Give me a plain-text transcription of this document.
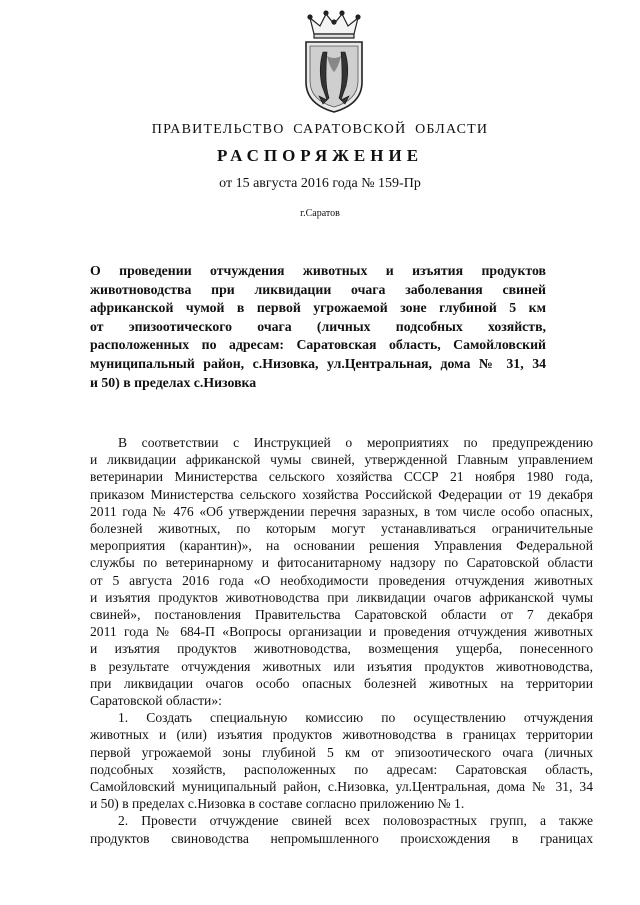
ПРАВИТЕЛЬСТВО САРАТОВСКОЙ ОБЛАСТИ
РАСПОРЯЖЕНИЕ
от 15 августа 2016 года № 159-Пр
г.Саратов
О проведении отчуждения животных и изъятия продуктов
животноводства при ликвидации очага заболевания свиней
африканской чумой в первой угрожаемой зоне глубиной 5 км
от эпизоотического очага (личных подсобных хозяйств,
расположенных по адресам: Саратовская область, Самойловский
муниципальный район, с.Низовка, ул.Центральная, дома № 31, 34
и 50) в пределах с.Низовка
В соответствии с Инструкцией о мероприятиях по предупреждению
и ликвидации африканской чумы свиней, утвержденной Главным управлением
ветеринарии Министерства сельского хозяйства СССР 21 ноября 1980 года,
приказом Министерства сельского хозяйства Российской Федерации от 19 декабря
2011 года № 476 «Об утверждении перечня заразных, в том числе особо опасных,
болезней животных, по которым могут устанавливаться ограничительные
мероприятия (карантин)», на основании решения Управления Федеральной
службы по ветеринарному и фитосанитарному надзору по Саратовской области
от 5 августа 2016 года «О необходимости проведения отчуждения животных
и изъятия продуктов животноводства при ликвидации очагов африканской чумы
свиней», постановления Правительства Саратовской области от 7 декабря
2011 года № 684-П «Вопросы организации и проведения отчуждения животных
и изъятия продуктов животноводства, возмещения ущерба, понесенного
в результате отчуждения животных или изъятия продуктов животноводства,
при ликвидации очагов особо опасных болезней животных на территории
Саратовской области»:
1. Создать специальную комиссию по осуществлению отчуждения
животных и (или) изъятия продуктов животноводства в границах территории
первой угрожаемой зоны глубиной 5 км от эпизоотического очага (личных
подсобных хозяйств, расположенных по адресам: Саратовская область,
Самойловский муниципальный район, с.Низовка, ул.Центральная, дома № 31, 34
и 50) в пределах с.Низовка в составе согласно приложению № 1.
2. Провести отчуждение свиней всех половозрастных групп, а также
продуктов свиноводства непромышленного происхождения в границах
